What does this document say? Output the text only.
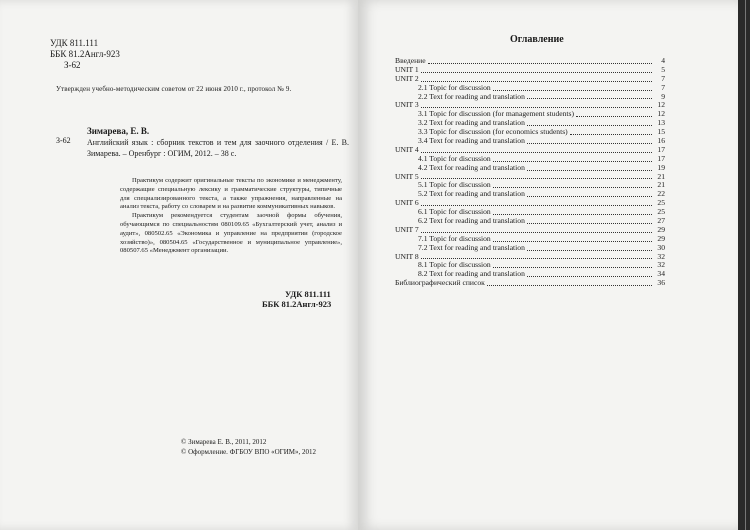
УДК 811.111
ББК 81.2Англ-923
З-62
Утвержден учебно-методическим советом от 22 июня 2010 г., протокол № 9.
Зимарева, Е. В.
З-62 Английский язык : сборник текстов и тем для заочного отделения / Е. В. Зимарева. – Оренбург : ОГИМ, 2012. – 38 с.

Практикум содержит оригинальные тексты по экономике и менеджменту, содержащие специальную лексику и грамматические структуры, типичные для специализированного текста, а также упражнения, направленные на анализ текста, работу со словарем и на развитие коммуникативных навыков.

Практикум рекомендуется студентам заочной формы обучения, обучающимся по специальностям 080109.65 «Бухгалтерский учет, анализ и аудит», 080502.65 «Экономика и управление на предприятии (городское хозяйство)», 080504.65 «Государственное и муниципальное управление», 080507.65 «Менеджмент организации.

УДК 811.111
ББК 81.2Англ-923
© Зимарева Е. В., 2011, 2012
© Оформление. ФГБОУ ВПО «ОГИМ», 2012
Оглавление
Введение	4
UNIT 1	5
UNIT 2	7
2.1 Topic for discussion	7
2.2 Text for reading and translation	9
UNIT 3	12
3.1 Topic for discussion (for management students)	12
3.2 Text for reading and translation	13
3.3 Topic for discussion (for economics students)	15
3.4 Text for reading and translation	16
UNIT 4	17
4.1 Topic for discussion	17
4.2 Text for reading and translation	19
UNIT 5	21
5.1 Topic for discussion	21
5.2 Text for reading and translation	22
UNIT 6	25
6.1 Topic for discussion	25
6.2 Text for reading and translation	27
UNIT 7	29
7.1 Topic for discussion	29
7.2 Text for reading and translation	30
UNIT 8	32
8.1 Topic for discussion	32
8.2 Text for reading and translation	34
Библиографический список	36
